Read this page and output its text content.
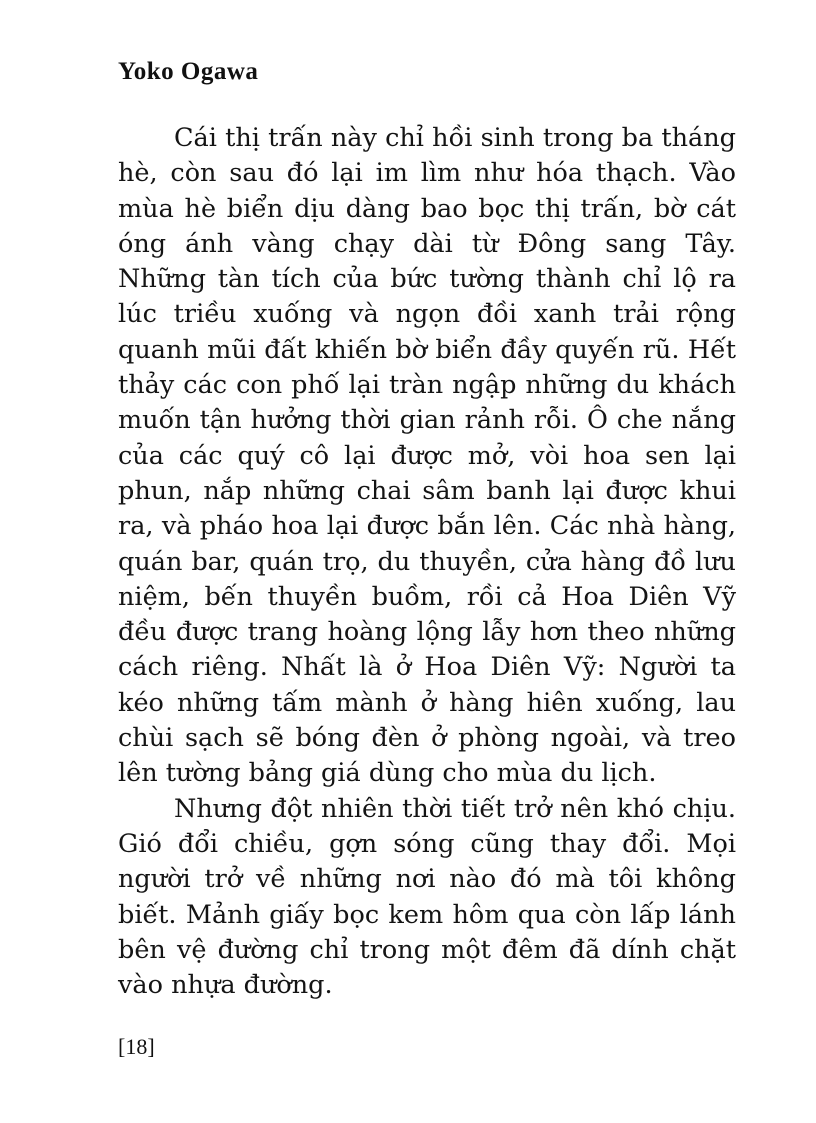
Yoko Ogawa

Cái thị trấn này chỉ hồi sinh trong ba tháng hè, còn sau đó lại im lìm như hóa thạch. Vào mùa hè biển dịu dàng bao bọc thị trấn, bờ cát óng ánh vàng chạy dài từ Đông sang Tây. Những tàn tích của bức tường thành chỉ lộ ra lúc triều xuống và ngọn đồi xanh trải rộng quanh mũi đất khiến bờ biển đầy quyến rũ. Hết thảy các con phố lại tràn ngập những du khách muốn tận hưởng thời gian rảnh rỗi. Ô che nắng của các quý cô lại được mở, vòi hoa sen lại phun, nắp những chai sâm banh lại được khui ra, và pháo hoa lại được bắn lên. Các nhà hàng, quán bar, quán trọ, du thuyền, cửa hàng đồ lưu niệm, bến thuyền buồm, rồi cả Hoa Diên Vỹ đều được trang hoàng lộng lẫy hơn theo những cách riêng. Nhất là ở Hoa Diên Vỹ: Người ta kéo những tấm mành ở hàng hiên xuống, lau chùi sạch sẽ bóng đèn ở phòng ngoài, và treo lên tường bảng giá dùng cho mùa du lịch.

Nhưng đột nhiên thời tiết trở nên khó chịu. Gió đổi chiều, gợn sóng cũng thay đổi. Mọi người trở về những nơi nào đó mà tôi không biết. Mảnh giấy bọc kem hôm qua còn lấp lánh bên vệ đường chỉ trong một đêm đã dính chặt vào nhựa đường.

[18]
